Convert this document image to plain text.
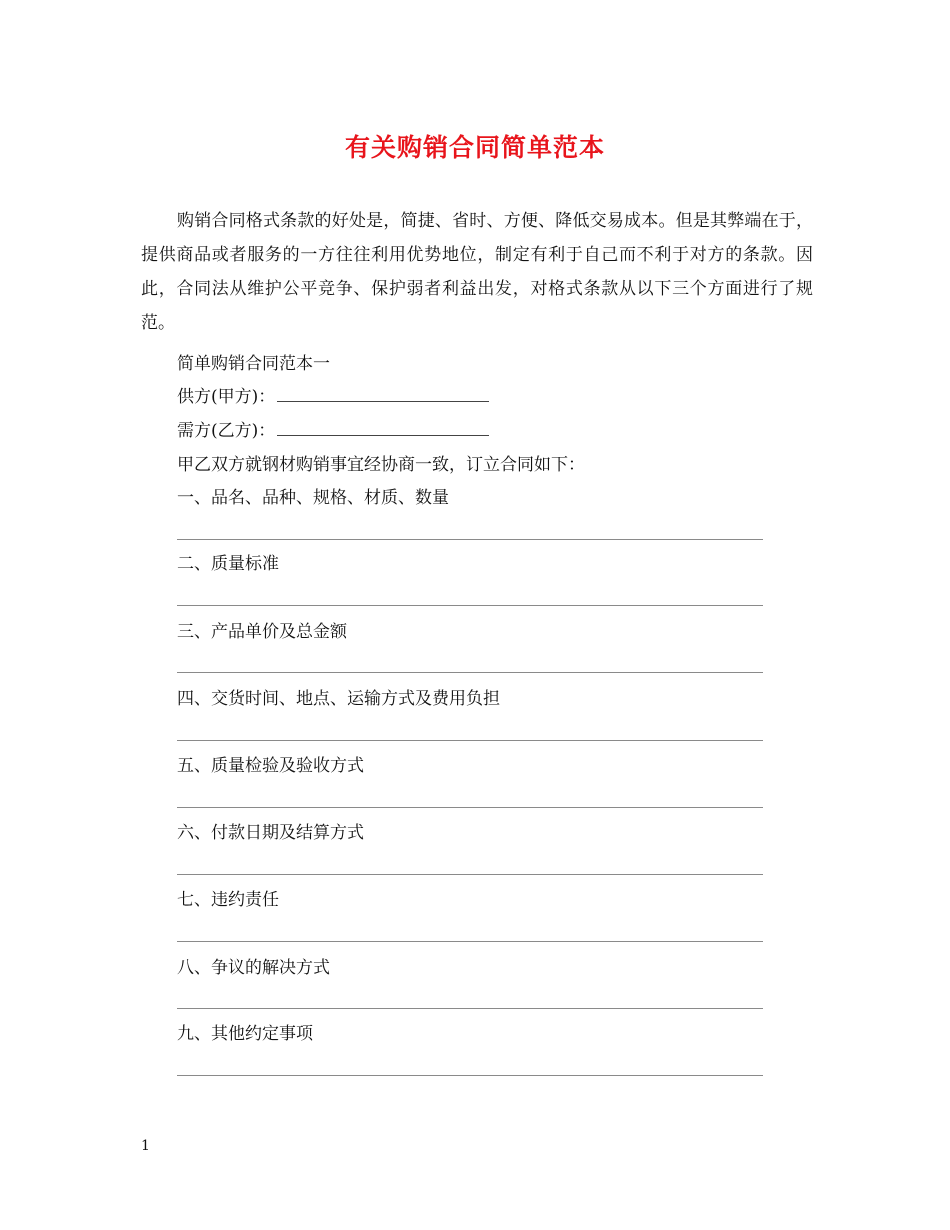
有关购销合同简单范本

购销合同格式条款的好处是，简捷、省时、方便、降低交易成本。但是其弊端在于，提供商品或者服务的一方往往利用优势地位，制定有利于自己而不利于对方的条款。因此，合同法从维护公平竞争、保护弱者利益出发，对格式条款从以下三个方面进行了规范。

简单购销合同范本一
供方(甲方)：
需方(乙方)：
甲乙双方就钢材购销事宜经协商一致，订立合同如下：
一、品名、品种、规格、材质、数量
二、质量标准
三、产品单价及总金额
四、交货时间、地点、运输方式及费用负担
五、质量检验及验收方式
六、付款日期及结算方式
七、违约责任
八、争议的解决方式
九、其他约定事项
1
